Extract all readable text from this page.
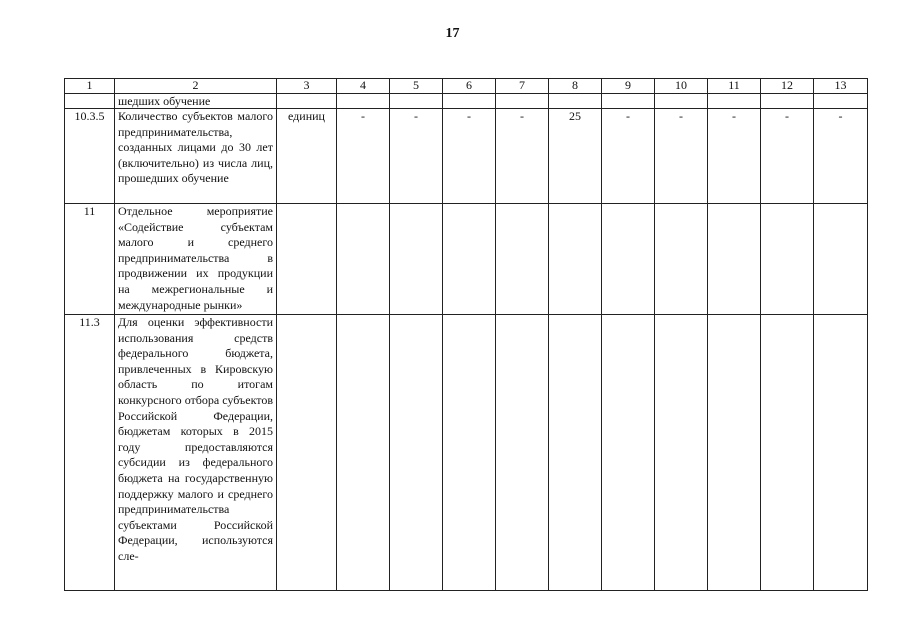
17
1	2	3	4	5	6	7	8	9	10	11	12	13
	шедших обучение											
10.3.5	Количество субъектов малого предпринимательства, созданных лицами до 30 лет (включительно) из числа лиц, прошедших обучение	единиц	-	-	-	-	25	-	-	-	-	-
11	Отдельное мероприятие «Содействие субъектам малого и среднего предпринимательства в продвижении их продукции на межрегиональные и международные рынки»											
11.3	Для оценки эффективности использования средств федерального бюджета, привлеченных в Кировскую область по итогам конкурсного отбора субъектов Российской Федерации, бюджетам которых в 2015 году предоставляются субсидии из федерального бюджета на государственную поддержку малого и среднего предпринимательства субъектами Российской Федерации, используются сле-											
